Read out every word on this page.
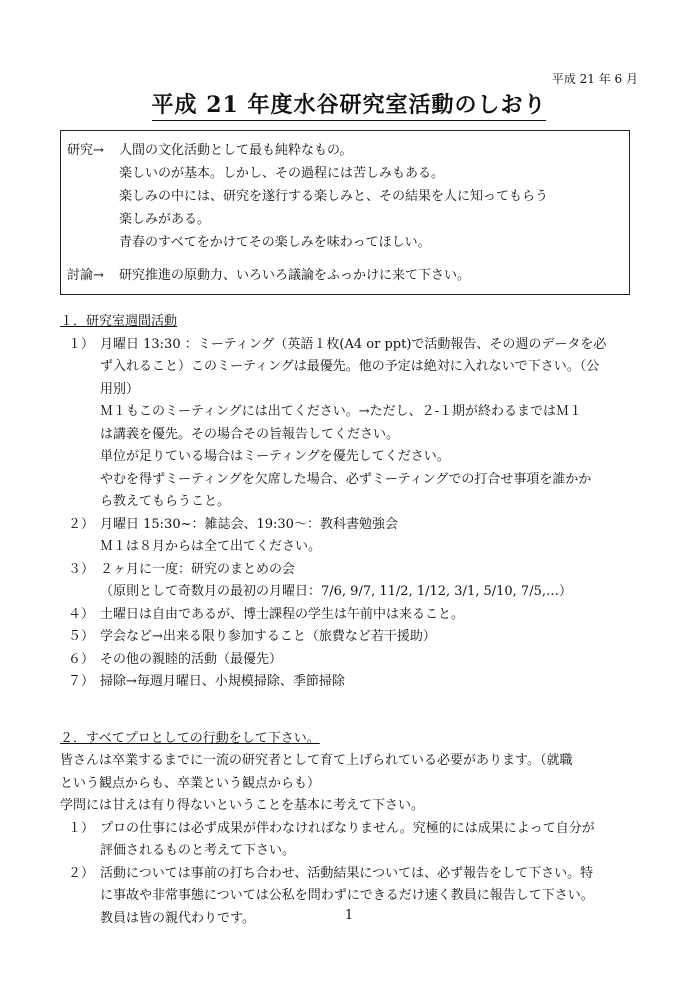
平成 21 年 6 月
平成 21 年度水谷研究室活動のしおり
研究→	人間の文化活動として最も純粋なもの。
楽しいのが基本。しかし、その過程には苦しみもある。
楽しみの中には、研究を遂行する楽しみと、その結果を人に知ってもらう
楽しみがある。
青春のすべてをかけてその楽しみを味わってほしい。
討論→	研究推進の原動力、いろいろ議論をふっかけに来て下さい。
１．研究室週間活動
１） 月曜日 13:30 ：ミーティング（英語１枚(A4 or ppt)で活動報告、その週のデータを必
ず入れること）このミーティングは最優先。他の予定は絶対に入れないで下さい。（公
用別）
Ｍ１もこのミーティングには出てください。→ただし、２-１期が終わるまではＭ１
は講義を優先。その場合その旨報告してください。
単位が足りている場合はミーティングを優先してください。
やむを得ずミーティングを欠席した場合、必ずミーティングでの打合せ事項を誰かか
ら教えてもらうこと。
２） 月曜日 15:30~：雑誌会、19:30～：教科書勉強会
Ｍ１は８月からは全て出てください。
３） ２ヶ月に一度：研究のまとめの会
（原則として奇数月の最初の月曜日：7/6, 9/7, 11/2, 1/12, 3/1, 5/10, 7/5,…）
４） 土曜日は自由であるが、博士課程の学生は午前中は来ること。
５） 学会など→出来る限り参加すること（旅費など若干援助）
６） その他の親睦的活動（最優先）
７） 掃除→毎週月曜日、小規模掃除、季節掃除
２．すべてプロとしての行動をして下さい。
皆さんは卒業するまでに一流の研究者として育て上げられている必要があります。（就職
という観点からも、卒業という観点からも）
学問には甘えは有り得ないということを基本に考えて下さい。
１） プロの仕事には必ず成果が伴わなければなりません。究極的には成果によって自分が
評価されるものと考えて下さい。
２） 活動については事前の打ち合わせ、活動結果については、必ず報告をして下さい。特
に事故や非常事態については公私を問わずにできるだけ速く教員に報告して下さい。
教員は皆の親代わりです。	1
